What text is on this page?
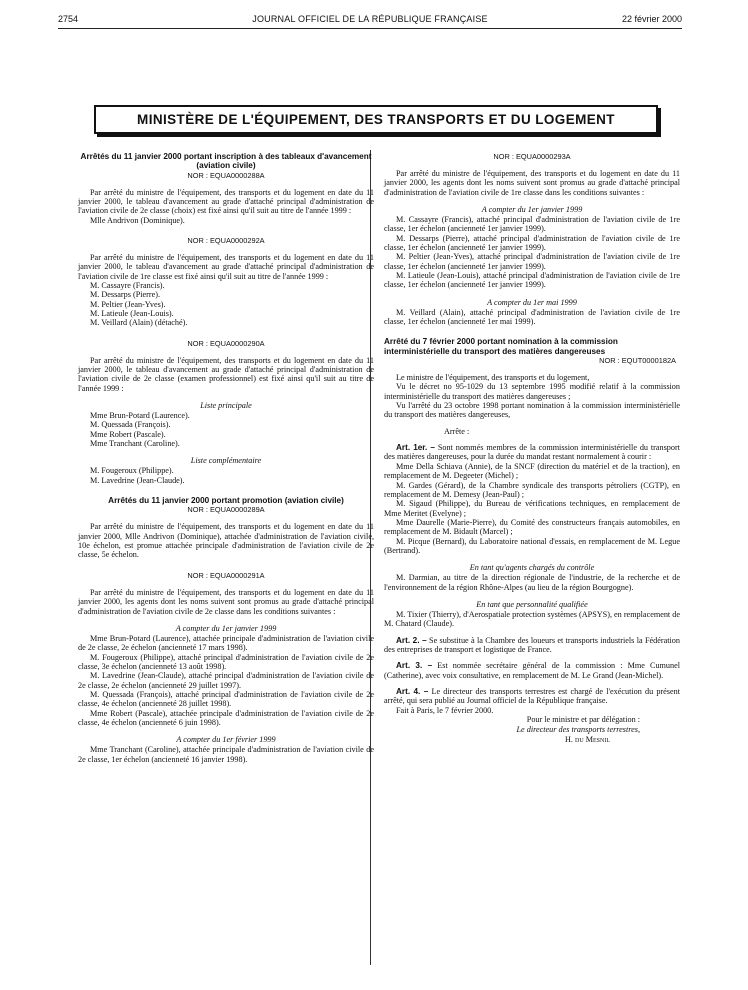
2754	JOURNAL OFFICIEL DE LA RÉPUBLIQUE FRANÇAISE	22 février 2000
MINISTÈRE DE L'ÉQUIPEMENT, DES TRANSPORTS ET DU LOGEMENT
Arrêtés du 11 janvier 2000 portant inscription à des tableaux d'avancement (aviation civile)
NOR : EQUA0000288A

Par arrêté du ministre de l'équipement, des transports et du logement en date du 11 janvier 2000, le tableau d'avancement au grade d'attaché principal d'administration de l'aviation civile de 2e classe (choix) est fixé ainsi qu'il suit au titre de l'année 1999 :

Mlle Andrivon (Dominique).

NOR : EQUA0000292A

Par arrêté du ministre de l'équipement, des transports et du logement en date du 11 janvier 2000, le tableau d'avancement au grade d'attaché principal d'administration de l'aviation civile de 1re classe est fixé ainsi qu'il suit au titre de l'année 1999 :

M. Cassayre (Francis).

M. Dessarps (Pierre).

M. Peltier (Jean-Yves).

M. Latieule (Jean-Louis).

M. Veillard (Alain) (détaché).

NOR : EQUA0000290A

Par arrêté du ministre de l'équipement, des transports et du logement en date du 11 janvier 2000, le tableau d'avancement au grade d'attaché principal d'administration de l'aviation civile de 2e classe (examen professionnel) est fixé ainsi qu'il suit au titre de l'année 1999 :

Liste principale

Mme Brun-Potard (Laurence).

M. Quessada (François).

Mme Robert (Pascale).

Mme Tranchant (Caroline).

Liste complémentaire

M. Fougeroux (Philippe).

M. Lavedrine (Jean-Claude).

Arrêtés du 11 janvier 2000 portant promotion (aviation civile)
NOR : EQUA0000289A

Par arrêté du ministre de l'équipement, des transports et du logement en date du 11 janvier 2000, Mlle Andrivon (Dominique), attachée d'administration de l'aviation civile, 10e échelon, est promue attachée principale d'administration de l'aviation civile de 2e classe, 5e échelon.

NOR : EQUA0000291A

Par arrêté du ministre de l'équipement, des transports et du logement en date du 11 janvier 2000, les agents dont les noms suivent sont promus au grade d'attaché principal d'administration de l'aviation civile de 2e classe dans les conditions suivantes :

A compter du 1er janvier 1999

Mme Brun-Potard (Laurence), attachée principale d'administration de l'aviation civile de 2e classe, 2e échelon (ancienneté 17 mars 1998).

M. Fougeroux (Philippe), attaché principal d'administration de l'aviation civile de 2e classe, 3e échelon (ancienneté 13 août 1998).

M. Lavedrine (Jean-Claude), attaché principal d'administration de l'aviation civile de 2e classe, 2e échelon (ancienneté 29 juillet 1997).

M. Quessada (François), attaché principal d'administration de l'aviation civile de 2e classe, 4e échelon (ancienneté 28 juillet 1998).

Mme Robert (Pascale), attachée principale d'administration de l'aviation civile de 2e classe, 4e échelon (ancienneté 6 juin 1998).

A compter du 1er février 1999

Mme Tranchant (Caroline), attachée principale d'administration de l'aviation civile de 2e classe, 1er échelon (ancienneté 16 janvier 1998).

NOR : EQUA0000293A

Par arrêté du ministre de l'équipement, des transports et du logement en date du 11 janvier 2000, les agents dont les noms suivent sont promus au grade d'attaché principal d'administration de l'aviation civile de 1re classe dans les conditions suivantes :

A compter du 1er janvier 1999

M. Cassayre (Francis), attaché principal d'administration de l'aviation civile de 1re classe, 1er échelon (ancienneté 1er janvier 1999).

M. Dessarps (Pierre), attaché principal d'administration de l'aviation civile de 1re classe, 1er échelon (ancienneté 1er janvier 1999).

M. Peltier (Jean-Yves), attaché principal d'administration de l'aviation civile de 1re classe, 1er échelon (ancienneté 1er janvier 1999).

M. Latieule (Jean-Louis), attaché principal d'administration de l'aviation civile de 1re classe, 1er échelon (ancienneté 1er janvier 1999).

A compter du 1er mai 1999

M. Veillard (Alain), attaché principal d'administration de l'aviation civile de 1re classe, 1er échelon (ancienneté 1er mai 1999).

Arrêté du 7 février 2000 portant nomination à la commission interministérielle du transport des matières dangereuses
NOR : EQUT0000182A

Le ministre de l'équipement, des transports et du logement,

Vu le décret no 95-1029 du 13 septembre 1995 modifié relatif à la commission interministérielle du transport des matières dangereuses ;

Vu l'arrêté du 23 octobre 1998 portant nomination à la commission interministérielle du transport des matières dangereuses,

Arrête :

Art. 1er. – Sont nommés membres de la commission interministérielle du transport des matières dangereuses, pour la durée du mandat restant normalement à courir :

Mme Della Schiava (Annie), de la SNCF (direction du matériel et de la traction), en remplacement de M. Degeeter (Michel) ;

M. Gardes (Gérard), de la Chambre syndicale des transports pétroliers (CGTP), en remplacement de M. Demesy (Jean-Paul) ;

M. Sigaud (Philippe), du Bureau de vérifications techniques, en remplacement de Mme Meritet (Evelyne) ;

Mme Daurelle (Marie-Pierre), du Comité des constructeurs français automobiles, en remplacement de M. Bidault (Marcel) ;

M. Picque (Bernard), du Laboratoire national d'essais, en remplacement de M. Legue (Bertrand).

En tant qu'agents chargés du contrôle

M. Darmian, au titre de la direction régionale de l'industrie, de la recherche et de l'environnement de la région Rhône-Alpes (au lieu de la région Bourgogne).

En tant que personnalité qualifiée

M. Tixier (Thierry), d'Aerospatiale protection systèmes (APSYS), en remplacement de M. Chatard (Claude).

Art. 2. – Se substitue à la Chambre des loueurs et transports industriels la Fédération des entreprises de transport et logistique de France.

Art. 3. – Est nommée secrétaire général de la commission : Mme Cumunel (Catherine), avec voix consultative, en remplacement de M. Le Grand (Jean-Michel).

Art. 4. – Le directeur des transports terrestres est chargé de l'exécution du présent arrêté, qui sera publié au Journal officiel de la République française.

Fait à Paris, le 7 février 2000.

Pour le ministre et par délégation :
Le directeur des transports terrestres,
H. du Mesnil
